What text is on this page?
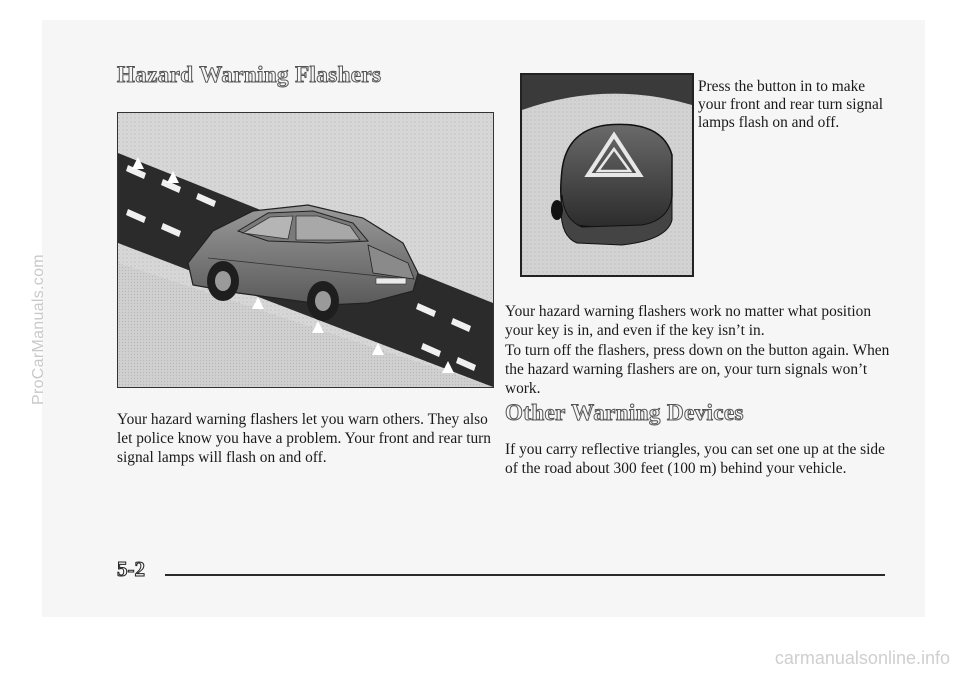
ProCarManuals.com
carmanualsonline.info
Hazard Warning Flashers

Your hazard warning flashers let you warn others. They also let police know you have a problem. Your front and rear turn signal lamps will flash on and off.

Press the button in to make your front and rear turn signal lamps flash on and off.

Your hazard warning flashers work no matter what position your key is in, and even if the key isn’t in.

To turn off the flashers, press down on the button again. When the hazard warning flashers are on, your turn signals won’t work.

Other Warning Devices

If you carry reflective triangles, you can set one up at the side of the road about 300 feet (100 m) behind your vehicle.

5-2
